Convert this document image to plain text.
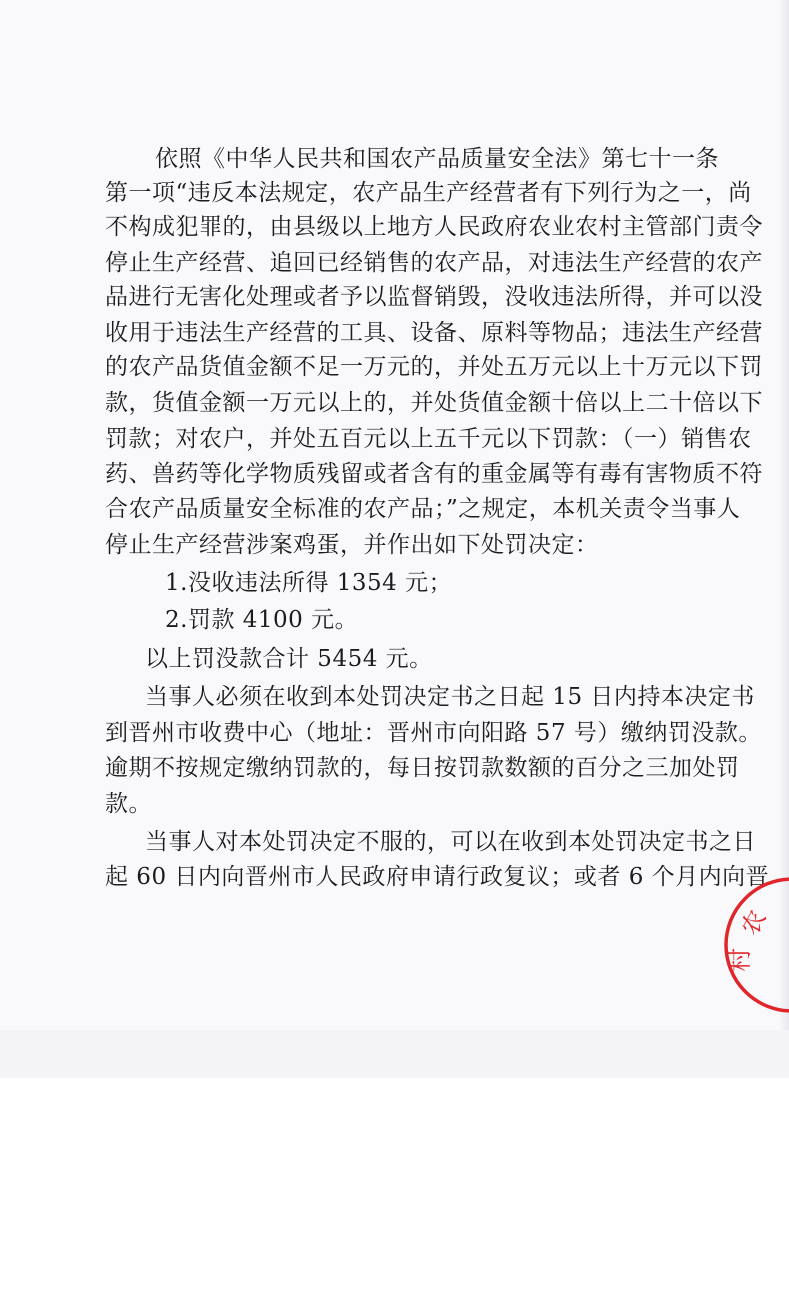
依照《中华人民共和国农产品质量安全法》第七十一条
第一项“违反本法规定，农产品生产经营者有下列行为之一，尚
不构成犯罪的，由县级以上地方人民政府农业农村主管部门责令
停止生产经营、追回已经销售的农产品，对违法生产经营的农产
品进行无害化处理或者予以监督销毁，没收违法所得，并可以没
收用于违法生产经营的工具、设备、原料等物品；违法生产经营
的农产品货值金额不足一万元的，并处五万元以上十万元以下罚
款，货值金额一万元以上的，并处货值金额十倍以上二十倍以下
罚款；对农户，并处五百元以上五千元以下罚款：（一）销售农
药、兽药等化学物质残留或者含有的重金属等有毒有害物质不符
合农产品质量安全标准的农产品；”之规定，本机关责令当事人
停止生产经营涉案鸡蛋，并作出如下处罚决定：
1.没收违法所得 1354 元；
2.罚款 4100 元。
以上罚没款合计 5454 元。
当事人必须在收到本处罚决定书之日起 15 日内持本决定书
到晋州市收费中心（地址：晋州市向阳路 57 号）缴纳罚没款。
逾期不按规定缴纳罚款的，每日按罚款数额的百分之三加处罚
款。
当事人对本处罚决定不服的，可以在收到本处罚决定书之日
起 60 日内向晋州市人民政府申请行政复议；或者 6 个月内向晋
农
村
